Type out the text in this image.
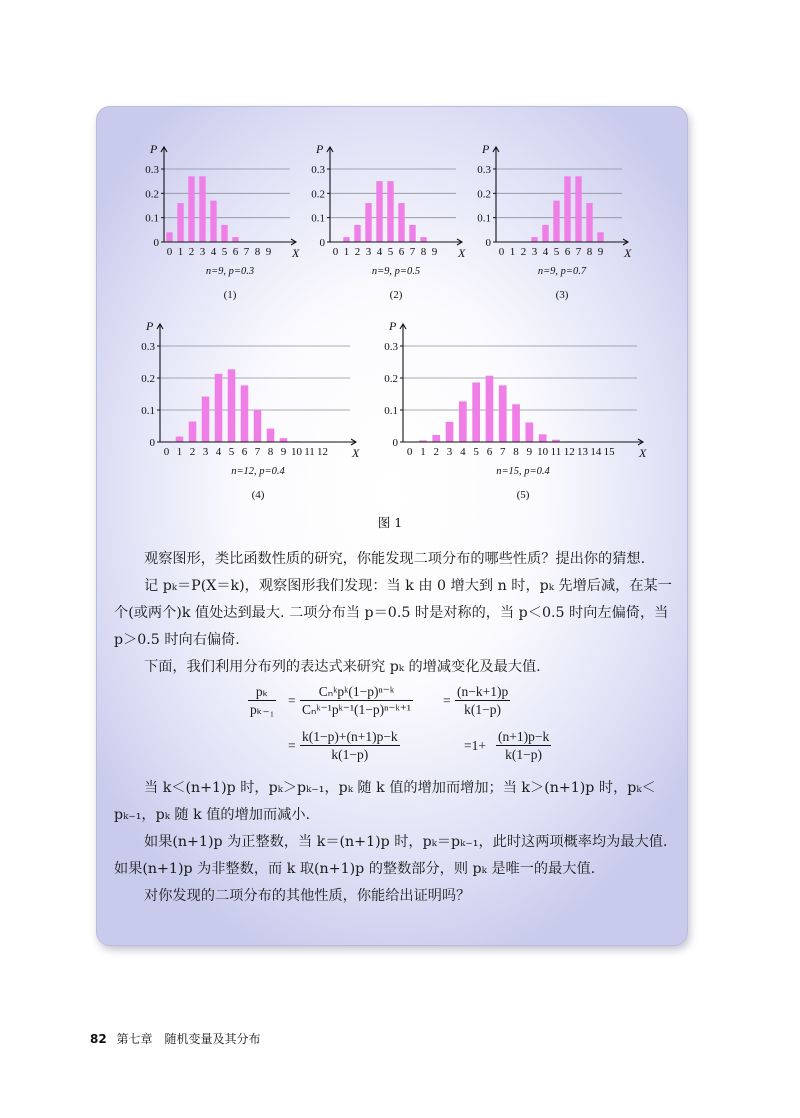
0
0.1
0.2
0.3
0 1 2 3 4 5 6 7 8 9 X
P
n=9, p=0.3
(1)
0
0.1
0.2
0.3
0 1 2 3 4 5 6 7 8 9 X
P
n=9, p=0.5
(2)
0
0.1
0.2
0.3
0 1 2 3 4 5 6 7 8 9 X
P
n=9, p=0.7
(3)
0
0.1
0.2
0.3
0 1 2 3 4 5 6 7 8 9 10 11 12 X
P
n=12, p=0.4
(4)
0
0.1
0.2
0.3
0 1 2 3 4 5 6 7 8 9 10 11 12 13 14 15 X
P
n=15, p=0.4
(5)
图 1

观察图形，类比函数性质的研究，你能发现二项分布的哪些性质？提出你的猜想.

记 pₖ＝P(X＝k)，观察图形我们发现：当 k 由 0 增大到 n 时，pₖ 先增后减，在某一个(或两个)k 值处达到最大. 二项分布当 p＝0.5 时是对称的，当 p＜0.5 时向左偏倚，当 p＞0.5 时向右偏倚.

下面，我们利用分布列的表达式来研究 pₖ 的增减变化及最大值.

$\frac{\text{pₖ}}{\text{pₖ₋₁}}$ =
Cₙᵏpᵏ(1−p)ⁿ⁻ᵏ
Cₙᵏ⁻¹pᵏ⁻¹(1−p)ⁿ⁻ᵏ⁺¹
= $\frac{(n-k+1)p}{k(1-p)}$
= $\frac{k(1-p)+(n+1)p-k}{k(1-p)}$	$=1+ \frac{(n+1)p-k}{k(1-p)}$

当 k＜(n+1)p 时，pₖ＞pₖ₋₁，pₖ 随 k 值的增加而增加；当 k＞(n+1)p 时，pₖ＜pₖ₋₁，pₖ 随 k 值的增加而减小.

如果(n+1)p 为正整数，当 k＝(n+1)p 时，pₖ＝pₖ₋₁，此时这两项概率均为最大值. 如果(n+1)p 为非整数，而 k 取(n+1)p 的整数部分，则 pₖ 是唯一的最大值.

对你发现的二项分布的其他性质，你能给出证明吗？

82 第七章　随机变量及其分布
